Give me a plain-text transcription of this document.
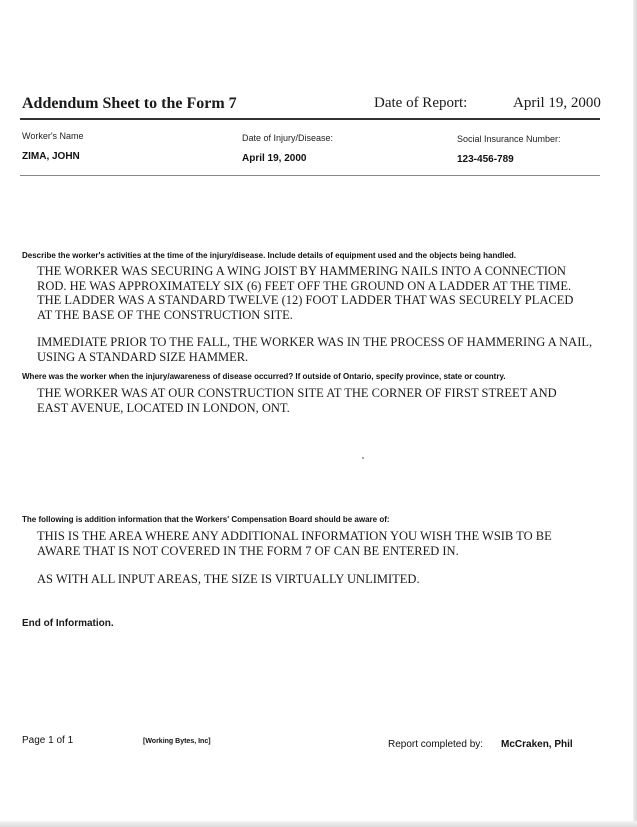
Addendum Sheet to the Form 7	Date of Report:	April 19, 2000
Worker's Name
ZIMA, JOHN
Date of Injury/Disease:
April 19, 2000
Social Insurance Number:
123-456-789
Describe the worker's activities at the time of the injury/disease. Include details of equipment used and the objects being handled.
THE WORKER WAS SECURING A WING JOIST BY HAMMERING NAILS INTO A CONNECTION
ROD. HE WAS APPROXIMATELY SIX (6) FEET OFF THE GROUND ON A LADDER AT THE TIME.
THE LADDER WAS A STANDARD TWELVE (12) FOOT LADDER THAT WAS SECURELY PLACED
AT THE BASE OF THE CONSTRUCTION SITE.
IMMEDIATE PRIOR TO THE FALL, THE WORKER WAS IN THE PROCESS OF HAMMERING A NAIL,
USING A STANDARD SIZE HAMMER.
Where was the worker when the injury/awareness of disease occurred? If outside of Ontario, specify province, state or country.
THE WORKER WAS AT OUR CONSTRUCTION SITE AT THE CORNER OF FIRST STREET AND
EAST AVENUE, LOCATED IN LONDON, ONT.
The following is addition information that the Workers' Compensation Board should be aware of:
THIS IS THE AREA WHERE ANY ADDITIONAL INFORMATION YOU WISH THE WSIB TO BE
AWARE THAT IS NOT COVERED IN THE FORM 7 OF CAN BE ENTERED IN.
AS WITH ALL INPUT AREAS, THE SIZE IS VIRTUALLY UNLIMITED.
End of Information.
Page 1 of 1	[Working Bytes, Inc]	Report completed by: McCraken, Phil
